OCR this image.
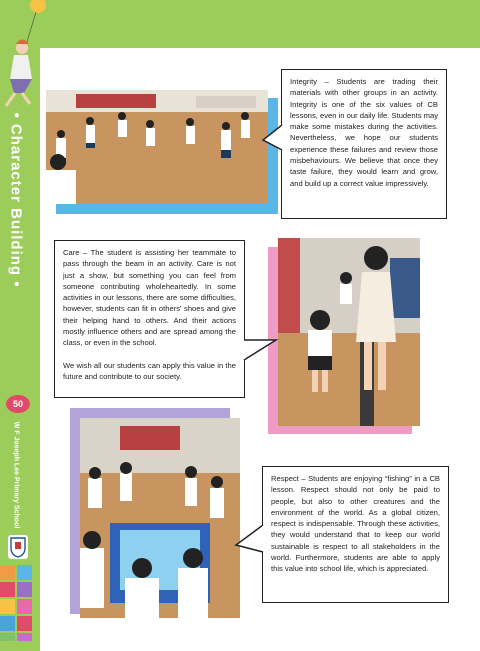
• Character Building •
50
W F Joseph Lee Primary School

Integrity – Students are trading their materials with other groups in an activity. Integrity is one of the six values of CB lessons, even in our daily life. Students may make some mistakes during the activities. Nevertheless, we hope our students experience these failures and review those misbehaviours. We believe that once they taste failure, they would learn and grow, and build up a correct value impressively.

Care – The student is assisting her teammate to pass through the beam in an activity. Care is not just a show, but something you can feel from someone contributing wholeheartedly. In some activities in our lessons, there are some difficulties, however, students can fit in others' shoes and give their helping hand to others. And their actions mostly influence others and are spread among the class, or even in the school.

We wish all our students can apply this value in the future and contribute to our society.

Respect – Students are enjoying “fishing” in a CB lesson. Respect should not only be paid to people, but also to other creatures and the environment of the world. As a global citizen, respect is indispensable. Through these activities, they would understand that to keep our world sustainable is respect to all stakeholders in the world. Furthermore, students are able to apply this value into school life, which is appreciated.
